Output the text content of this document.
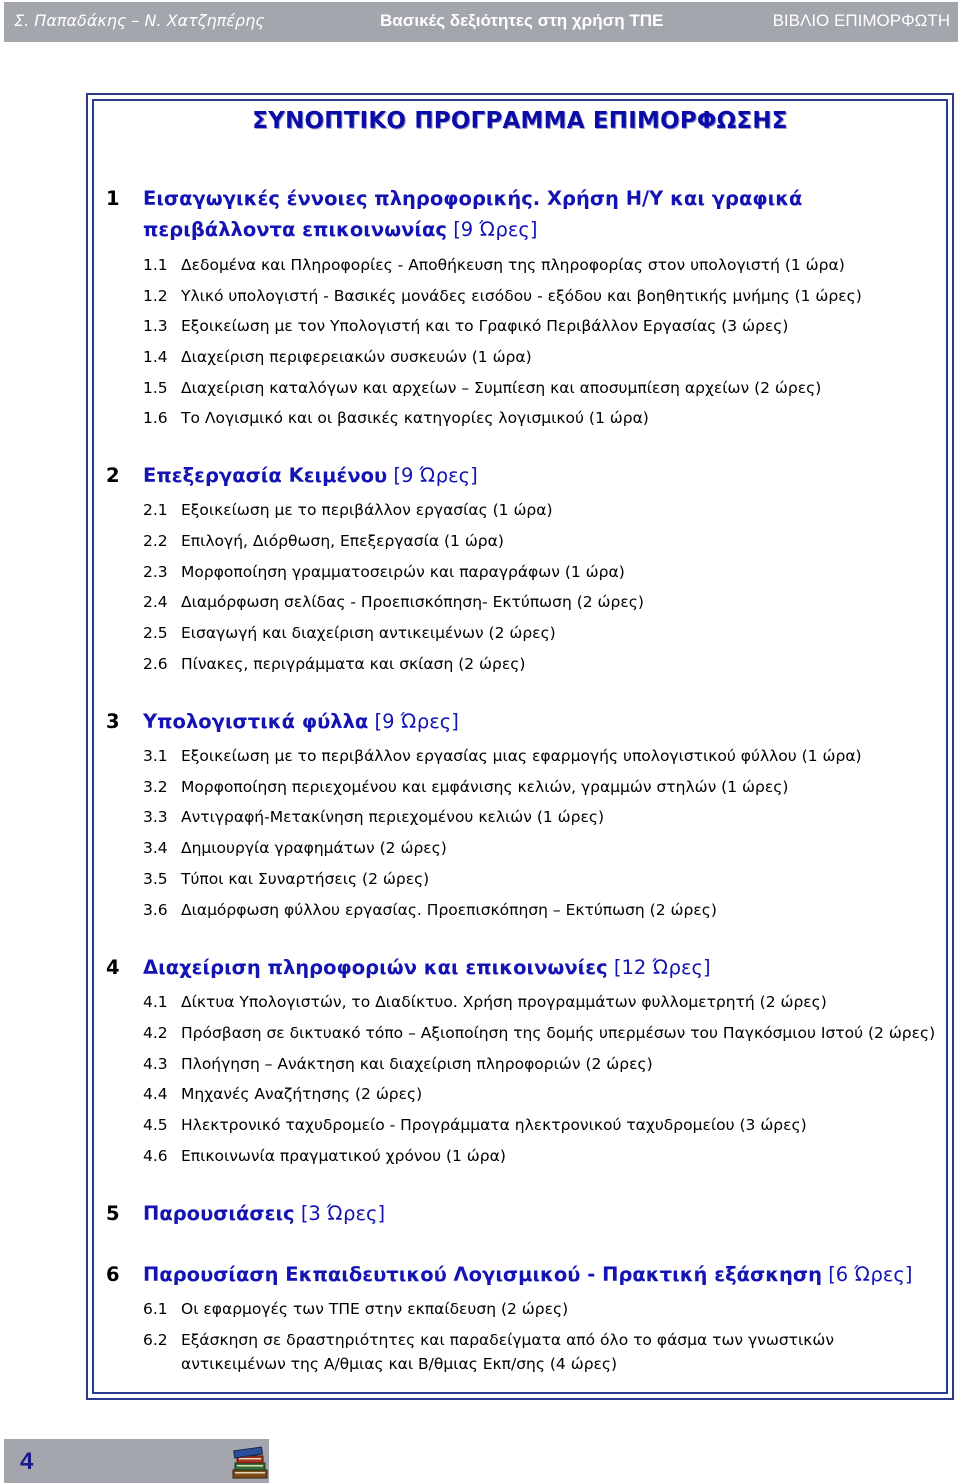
Σ. Παπαδάκης – Ν. Χατζηπέρης	Βασικές δεξιότητες στη χρήση ΤΠΕ	ΒΙΒΛΙΟ ΕΠΙΜΟΡΦΩΤΗ
ΣΥΝΟΠΤΙΚΟ ΠΡΟΓΡΑΜΜΑ ΕΠΙΜΟΡΦΩΣΗΣ
1 Εισαγωγικές έννοιες πληροφορικής. Χρήση Η/Υ και γραφικά περιβάλλοντα επικοινωνίας [9 Ώρες]
1.1 Δεδομένα και Πληροφορίες - Αποθήκευση της πληροφορίας στον υπολογιστή (1 ώρα)
1.2 Υλικό υπολογιστή - Βασικές μονάδες εισόδου - εξόδου και βοηθητικής μνήμης (1 ώρες)
1.3 Εξοικείωση με τον Υπολογιστή και το Γραφικό Περιβάλλον Εργασίας (3 ώρες)
1.4 Διαχείριση περιφερειακών συσκευών (1 ώρα)
1.5 Διαχείριση καταλόγων και αρχείων – Συμπίεση και αποσυμπίεση αρχείων (2 ώρες)
1.6 Το Λογισμικό και οι βασικές κατηγορίες λογισμικού (1 ώρα)
2 Επεξεργασία Κειμένου [9 Ώρες]
2.1 Εξοικείωση με το περιβάλλον εργασίας (1 ώρα)
2.2 Επιλογή, Διόρθωση, Επεξεργασία (1 ώρα)
2.3 Μορφοποίηση γραμματοσειρών και παραγράφων (1 ώρα)
2.4 Διαμόρφωση σελίδας - Προεπισκόπηση- Εκτύπωση (2 ώρες)
2.5 Εισαγωγή και διαχείριση αντικειμένων (2 ώρες)
2.6 Πίνακες, περιγράμματα και σκίαση (2 ώρες)
3 Υπολογιστικά φύλλα [9 Ώρες]
3.1 Εξοικείωση με το περιβάλλον εργασίας μιας εφαρμογής υπολογιστικού φύλλου (1 ώρα)
3.2 Μορφοποίηση περιεχομένου και εμφάνισης κελιών, γραμμών στηλών (1 ώρες)
3.3 Αντιγραφή-Μετακίνηση περιεχομένου κελιών (1 ώρες)
3.4 Δημιουργία γραφημάτων (2 ώρες)
3.5 Τύποι και Συναρτήσεις (2 ώρες)
3.6 Διαμόρφωση φύλλου εργασίας. Προεπισκόπηση – Εκτύπωση (2 ώρες)
4 Διαχείριση πληροφοριών και επικοινωνίες [12 Ώρες]
4.1 Δίκτυα Υπολογιστών, το Διαδίκτυο. Χρήση προγραμμάτων φυλλομετρητή (2 ώρες)
4.2 Πρόσβαση σε δικτυακό τόπο – Αξιοποίηση της δομής υπερμέσων του Παγκόσμιου Ιστού (2 ώρες)
4.3 Πλοήγηση – Ανάκτηση και διαχείριση πληροφοριών (2 ώρες)
4.4 Μηχανές Αναζήτησης (2 ώρες)
4.5 Ηλεκτρονικό ταχυδρομείο - Προγράμματα ηλεκτρονικού ταχυδρομείου (3 ώρες)
4.6 Επικοινωνία πραγματικού χρόνου (1 ώρα)
5 Παρουσιάσεις [3 Ώρες]
6 Παρουσίαση Εκπαιδευτικού Λογισμικού - Πρακτική εξάσκηση [6 Ώρες]
6.1 Οι εφαρμογές των ΤΠΕ στην εκπαίδευση (2 ώρες)
6.2 Εξάσκηση σε δραστηριότητες και παραδείγματα από όλο το φάσμα των γνωστικών αντικειμένων της Α/θμιας και Β/θμιας Εκπ/σης (4 ώρες)
4
